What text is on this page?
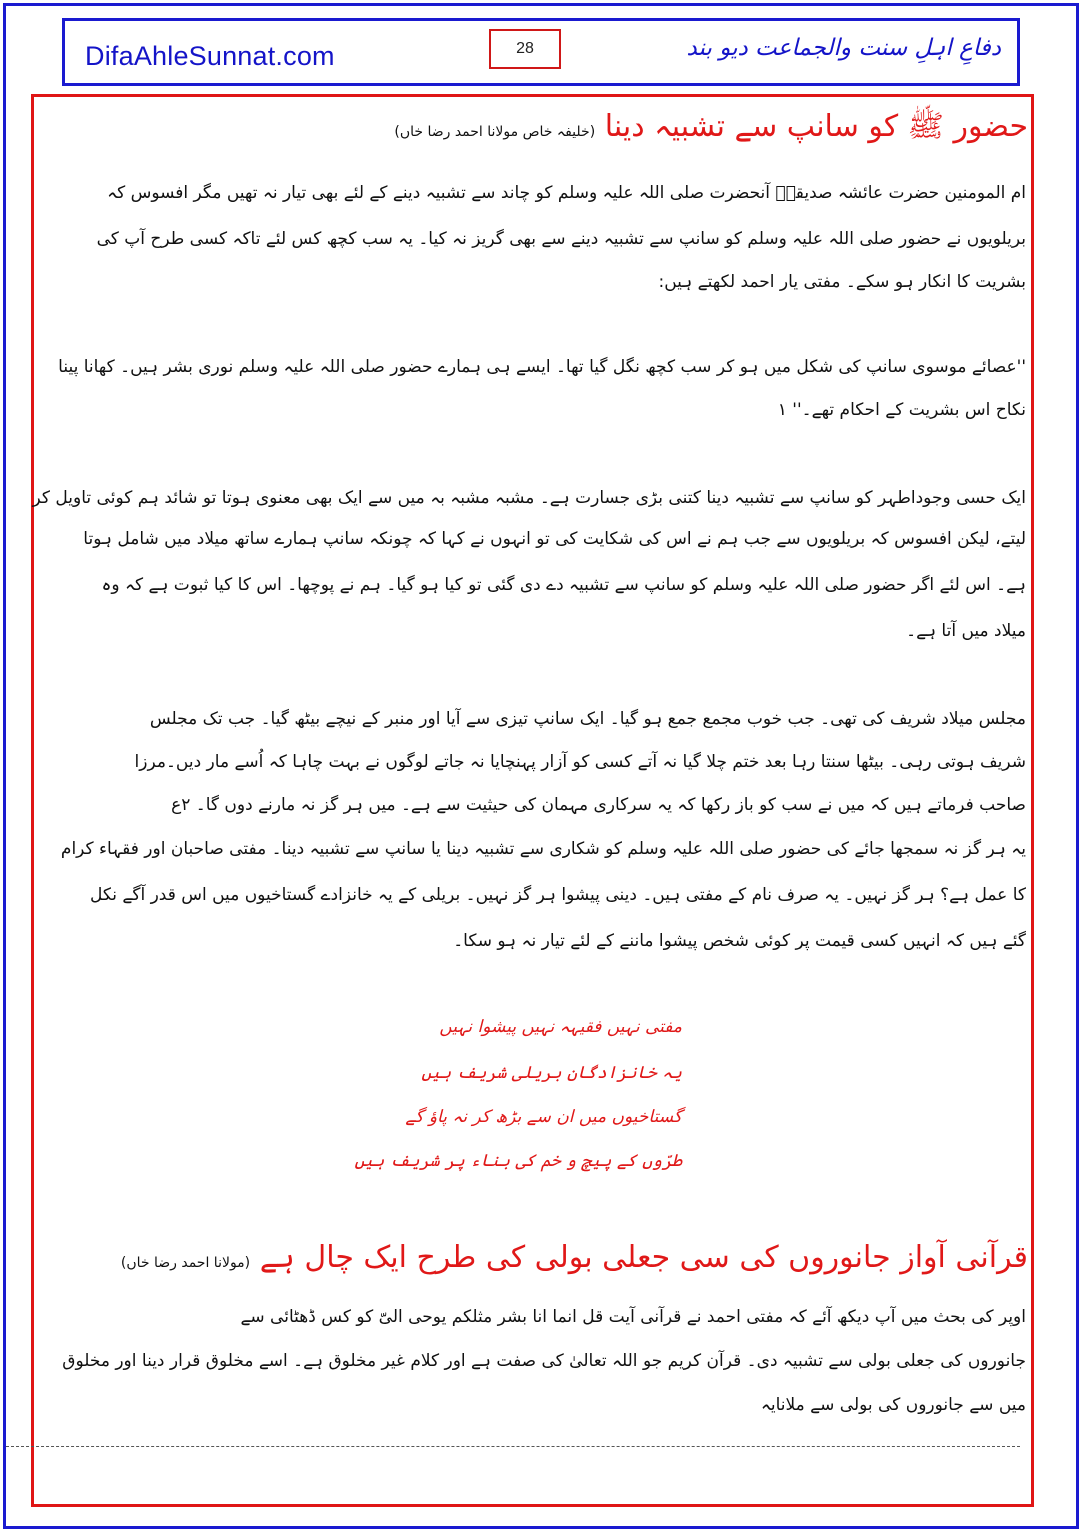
DifaAhleSunnat.com	28	دفاعِ اہلِ سنت والجماعت دیو بند
حضور ﷺ کو سانپ سے تشبیہ دینا (خلیفہ خاص مولانا احمد رضا خاں)
ام المومنین حضرت عائشہ صدیقہؓ آنحضرت صلی اللہ علیہ وسلم کو چاند سے تشبیہ دینے کے لئے بھی تیار نہ تھیں مگر افسوس کہ
بریلویوں نے حضور صلی اللہ علیہ وسلم کو سانپ سے تشبیہ دینے سے بھی گریز نہ کیا۔ یہ سب کچھ کس لئے تاکہ کسی طرح آپ کی
بشریت کا انکار ہو سکے۔ مفتی یار احمد لکھتے ہیں:
''عصائے موسوی سانپ کی شکل میں ہو کر سب کچھ نگل گیا تھا۔ ایسے ہی ہمارے حضور صلی اللہ علیہ وسلم نوری بشر ہیں۔ کھانا پینا
نکاح اس بشریت کے احکام تھے۔'' ۱
ایک حسی وجوداطہر کو سانپ سے تشبیہ دینا کتنی بڑی جسارت ہے۔ مشبہ مشبہ بہ میں سے ایک بھی معنوی ہوتا تو شائد ہم کوئی تاویل کر
لیتے، لیکن افسوس کہ بریلویوں سے جب ہم نے اس کی شکایت کی تو انہوں نے کہا کہ چونکہ سانپ ہمارے ساتھ میلاد میں شامل ہوتا
ہے۔ اس لئے اگر حضور صلی اللہ علیہ وسلم کو سانپ سے تشبیہ دے دی گئی تو کیا ہو گیا۔ ہم نے پوچھا۔ اس کا کیا ثبوت ہے کہ وہ
میلاد میں آتا ہے۔
مجلس میلاد شریف کی تھی۔ جب خوب مجمع جمع ہو گیا۔ ایک سانپ تیزی سے آیا اور منبر کے نیچے بیٹھ گیا۔ جب تک مجلس
شریف ہوتی رہی۔ بیٹھا سنتا رہا بعد ختم چلا گیا نہ آتے کسی کو آزار پہنچایا نہ جاتے لوگوں نے بہت چاہا کہ اُسے مار دیں۔مرزا
صاحب فرماتے ہیں کہ میں نے سب کو باز رکھا کہ یہ سرکاری مہمان کی حیثیت سے ہے۔ میں ہر گز نہ مارنے دوں گا۔ ۲ع
یہ ہر گز نہ سمجھا جائے کی حضور صلی اللہ علیہ وسلم کو شکاری سے تشبیہ دینا یا سانپ سے تشبیہ دینا۔ مفتی صاحبان اور فقہاء کرام
کا عمل ہے؟ ہر گز نہیں۔ یہ صرف نام کے مفتی ہیں۔ دینی پیشوا ہر گز نہیں۔ بریلی کے یہ خانزادے گستاخیوں میں اس قدر آگے نکل
گئے ہیں کہ انہیں کسی قیمت پر کوئی شخص پیشوا ماننے کے لئے تیار نہ ہو سکا۔
مفتی نہیں فقیہہ نہیں پیشوا نہیں
یہ خانزادگان بریلی شریف ہیں
گستاخیوں میں ان سے بڑھ کر نہ پاؤ گے
طرّوں کے پیچ و خم کی بناء پر شریف ہیں
قرآنی آواز جانوروں کی سی جعلی بولی کی طرح ایک چال ہے (مولانا احمد رضا خاں)
اوپر کی بحث میں آپ دیکھ آئے کہ مفتی احمد نے قرآنی آیت قل انما انا بشر مثلکم یوحی الیّ کو کس ڈھٹائی سے
جانوروں کی جعلی بولی سے تشبیہ دی۔ قرآن کریم جو اللہ تعالیٰ کی صفت ہے اور کلام غیر مخلوق ہے۔ اسے مخلوق قرار دینا اور مخلوق
میں سے جانوروں کی بولی سے ملانایہ
